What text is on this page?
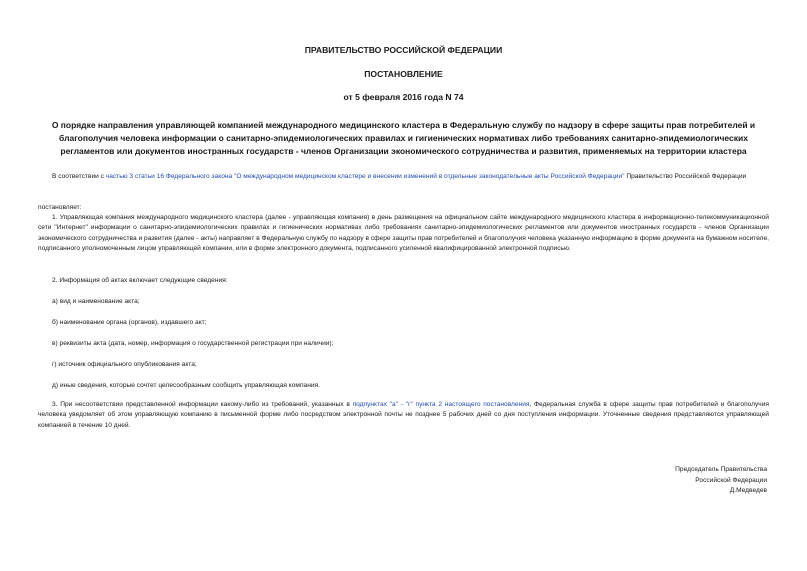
ПРАВИТЕЛЬСТВО РОССИЙСКОЙ ФЕДЕРАЦИИ
ПОСТАНОВЛЕНИЕ
от 5 февраля 2016 года N 74
О порядке направления управляющей компанией международного медицинского кластера в Федеральную службу по надзору в сфере защиты прав потребителей и благополучия человека информации о санитарно-эпидемиологических правилах и гигиенических нормативах либо требованиях санитарно-эпидемиологических регламентов или документов иностранных государств - членов Организации экономического сотрудничества и развития, применяемых на территории кластера
В соответствии с частью 3 статьи 16 Федерального закона "О международном медицинском кластере и внесении изменений в отдельные законодательные акты Российской Федерации" Правительство Российской Федерации
постановляет:
1. Управляющая компания международного медицинского кластера (далее - управляющая компания) в день размещения на официальном сайте международного медицинского кластера в информационно-телекоммуникационной сети "Интернет" информации о санитарно-эпидемиологических правилах и гигиенических нормативах либо требованиях санитарно-эпидемиологических регламентов или документов иностранных государств - членов Организации экономического сотрудничества и развития (далее - акты) направляет в Федеральную службу по надзору в сфере защиты прав потребителей и благополучия человека указанную информацию в форме документа на бумажном носителе, подписанного уполномоченным лицом управляющей компании, или в форме электронного документа, подписанного усиленной квалифицированной электронной подписью.
2. Информация об актах включает следующие сведения:
а) вид и наименование акта;
б) наименование органа (органов), издавшего акт;
в) реквизиты акта (дата, номер, информация о государственной регистрации при наличии);
г) источник официального опубликования акта;
д) иные сведения, которые сочтет целесообразным сообщить управляющая компания.
3. При несоответствии представленной информации какому-либо из требований, указанных в подпунктах "а" - "г" пункта 2 настоящего постановления, Федеральная служба в сфере защиты прав потребителей и благополучия человека уведомляет об этом управляющую компанию в письменной форме либо посредством электронной почты не позднее 5 рабочих дней со дня поступления информации. Уточненные сведения представляются управляющей компанией в течение 10 дней.
Председатель Правительства
Российской Федерации
Д.Медведев
